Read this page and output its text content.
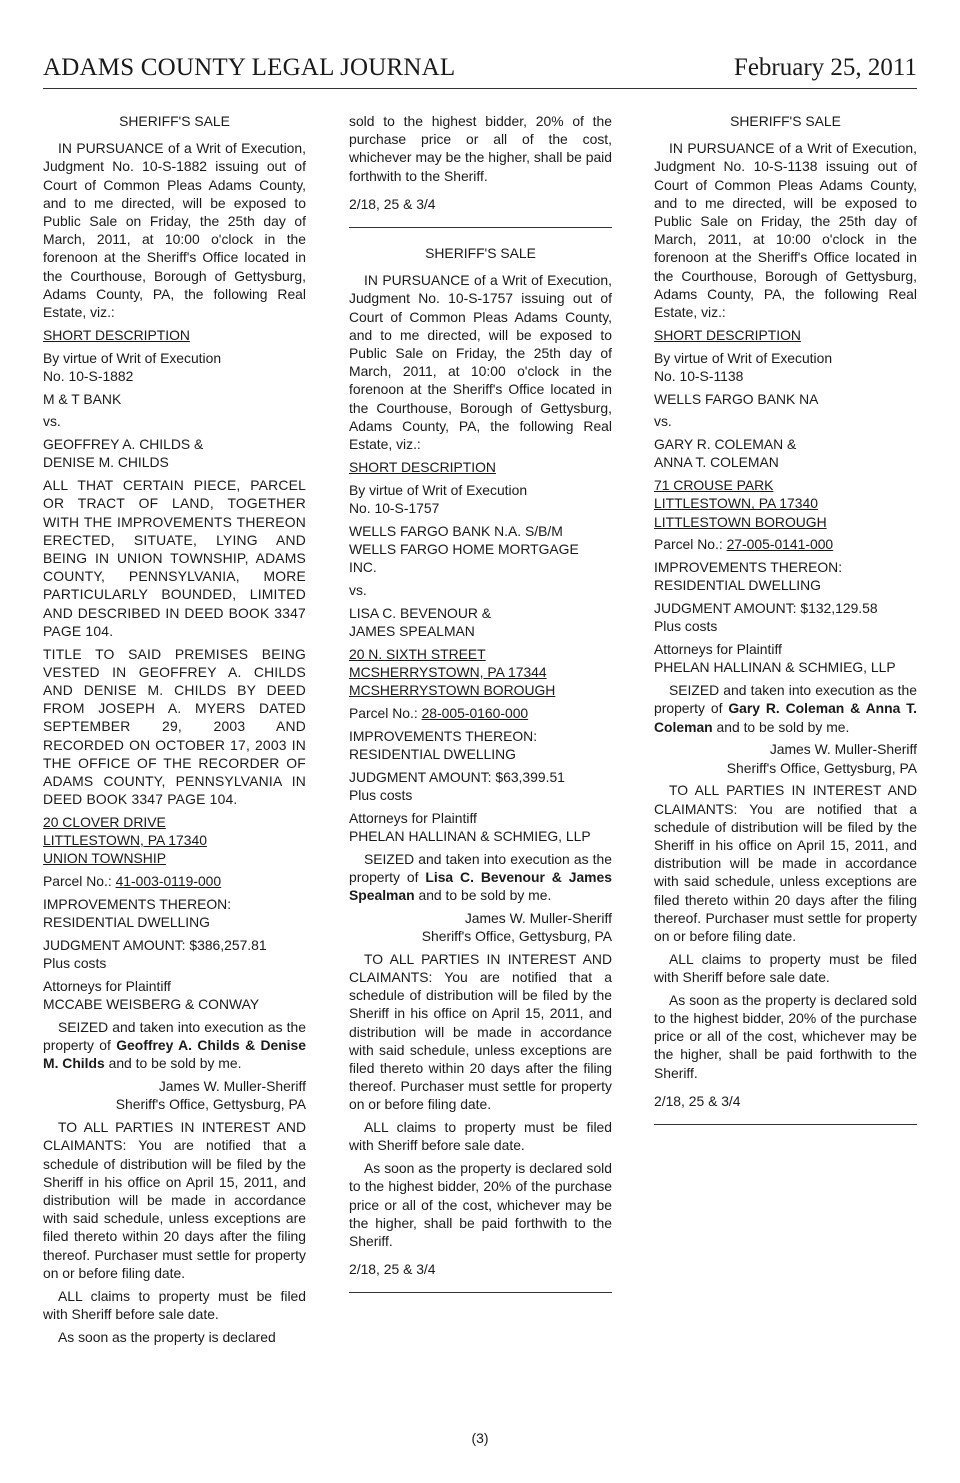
ADAMS COUNTY LEGAL JOURNAL	February 25, 2011

SHERIFF'S SALE

IN PURSUANCE of a Writ of Execution, Judgment No. 10-S-1882 issuing out of Court of Common Pleas Adams County, and to me directed, will be exposed to Public Sale on Friday, the 25th day of March, 2011, at 10:00 o'clock in the forenoon at the Sheriff's Office located in the Courthouse, Borough of Gettysburg, Adams County, PA, the following Real Estate, viz.:

SHORT DESCRIPTION

By virtue of Writ of Execution
No. 10-S-1882

M & T BANK

vs.

GEOFFREY A. CHILDS &
DENISE M. CHILDS

ALL THAT CERTAIN PIECE, PARCEL OR TRACT OF LAND, TOGETHER WITH THE IMPROVEMENTS THEREON ERECTED, SITUATE, LYING AND BEING IN UNION TOWNSHIP, ADAMS COUNTY, PENNSYLVANIA, MORE PARTICULARLY BOUNDED, LIMITED AND DESCRIBED IN DEED BOOK 3347 PAGE 104.

TITLE TO SAID PREMISES BEING VESTED IN GEOFFREY A. CHILDS AND DENISE M. CHILDS BY DEED FROM JOSEPH A. MYERS DATED SEPTEMBER 29, 2003 AND RECORDED ON OCTOBER 17, 2003 IN THE OFFICE OF THE RECORDER OF ADAMS COUNTY, PENNSYLVANIA IN DEED BOOK 3347 PAGE 104.

20 CLOVER DRIVE
LITTLESTOWN, PA 17340
UNION TOWNSHIP

Parcel No.: 41-003-0119-000

IMPROVEMENTS THEREON:
RESIDENTIAL DWELLING

JUDGMENT AMOUNT: $386,257.81
Plus costs

Attorneys for Plaintiff
MCCABE WEISBERG & CONWAY

SEIZED and taken into execution as the property of Geoffrey A. Childs & Denise M. Childs and to be sold by me.

James W. Muller-Sheriff
Sheriff's Office, Gettysburg, PA

TO ALL PARTIES IN INTEREST AND CLAIMANTS: You are notified that a schedule of distribution will be filed by the Sheriff in his office on April 15, 2011, and distribution will be made in accordance with said schedule, unless exceptions are filed thereto within 20 days after the filing thereof. Purchaser must settle for property on or before filing date.

ALL claims to property must be filed with Sheriff before sale date.

As soon as the property is declared

sold to the highest bidder, 20% of the purchase price or all of the cost, whichever may be the higher, shall be paid forthwith to the Sheriff.

2/18, 25 & 3/4

SHERIFF'S SALE

IN PURSUANCE of a Writ of Execution, Judgment No. 10-S-1757 issuing out of Court of Common Pleas Adams County, and to me directed, will be exposed to Public Sale on Friday, the 25th day of March, 2011, at 10:00 o'clock in the forenoon at the Sheriff's Office located in the Courthouse, Borough of Gettysburg, Adams County, PA, the following Real Estate, viz.:

SHORT DESCRIPTION

By virtue of Writ of Execution
No. 10-S-1757

WELLS FARGO BANK N.A. S/B/M
WELLS FARGO HOME MORTGAGE
INC.

vs.

LISA C. BEVENOUR &
JAMES SPEALMAN

20 N. SIXTH STREET
MCSHERRYSTOWN, PA 17344
MCSHERRYSTOWN BOROUGH

Parcel No.: 28-005-0160-000

IMPROVEMENTS THEREON:
RESIDENTIAL DWELLING

JUDGMENT AMOUNT: $63,399.51
Plus costs

Attorneys for Plaintiff
PHELAN HALLINAN & SCHMIEG, LLP

SEIZED and taken into execution as the property of Lisa C. Bevenour & James Spealman and to be sold by me.

James W. Muller-Sheriff
Sheriff's Office, Gettysburg, PA

TO ALL PARTIES IN INTEREST AND CLAIMANTS: You are notified that a schedule of distribution will be filed by the Sheriff in his office on April 15, 2011, and distribution will be made in accordance with said schedule, unless exceptions are filed thereto within 20 days after the filing thereof. Purchaser must settle for property on or before filing date.

ALL claims to property must be filed with Sheriff before sale date.

As soon as the property is declared sold to the highest bidder, 20% of the purchase price or all of the cost, whichever may be the higher, shall be paid forthwith to the Sheriff.

2/18, 25 & 3/4

SHERIFF'S SALE

IN PURSUANCE of a Writ of Execution, Judgment No. 10-S-1138 issuing out of Court of Common Pleas Adams County, and to me directed, will be exposed to Public Sale on Friday, the 25th day of March, 2011, at 10:00 o'clock in the forenoon at the Sheriff's Office located in the Courthouse, Borough of Gettysburg, Adams County, PA, the following Real Estate, viz.:

SHORT DESCRIPTION

By virtue of Writ of Execution
No. 10-S-1138

WELLS FARGO BANK NA

vs.

GARY R. COLEMAN &
ANNA T. COLEMAN

71 CROUSE PARK
LITTLESTOWN, PA 17340
LITTLESTOWN BOROUGH

Parcel No.: 27-005-0141-000

IMPROVEMENTS THEREON:
RESIDENTIAL DWELLING

JUDGMENT AMOUNT: $132,129.58
Plus costs

Attorneys for Plaintiff
PHELAN HALLINAN & SCHMIEG, LLP

SEIZED and taken into execution as the property of Gary R. Coleman & Anna T. Coleman and to be sold by me.

James W. Muller-Sheriff
Sheriff's Office, Gettysburg, PA

TO ALL PARTIES IN INTEREST AND CLAIMANTS: You are notified that a schedule of distribution will be filed by the Sheriff in his office on April 15, 2011, and distribution will be made in accordance with said schedule, unless exceptions are filed thereto within 20 days after the filing thereof. Purchaser must settle for property on or before filing date.

ALL claims to property must be filed with Sheriff before sale date.

As soon as the property is declared sold to the highest bidder, 20% of the purchase price or all of the cost, whichever may be the higher, shall be paid forthwith to the Sheriff.

2/18, 25 & 3/4

(3)
